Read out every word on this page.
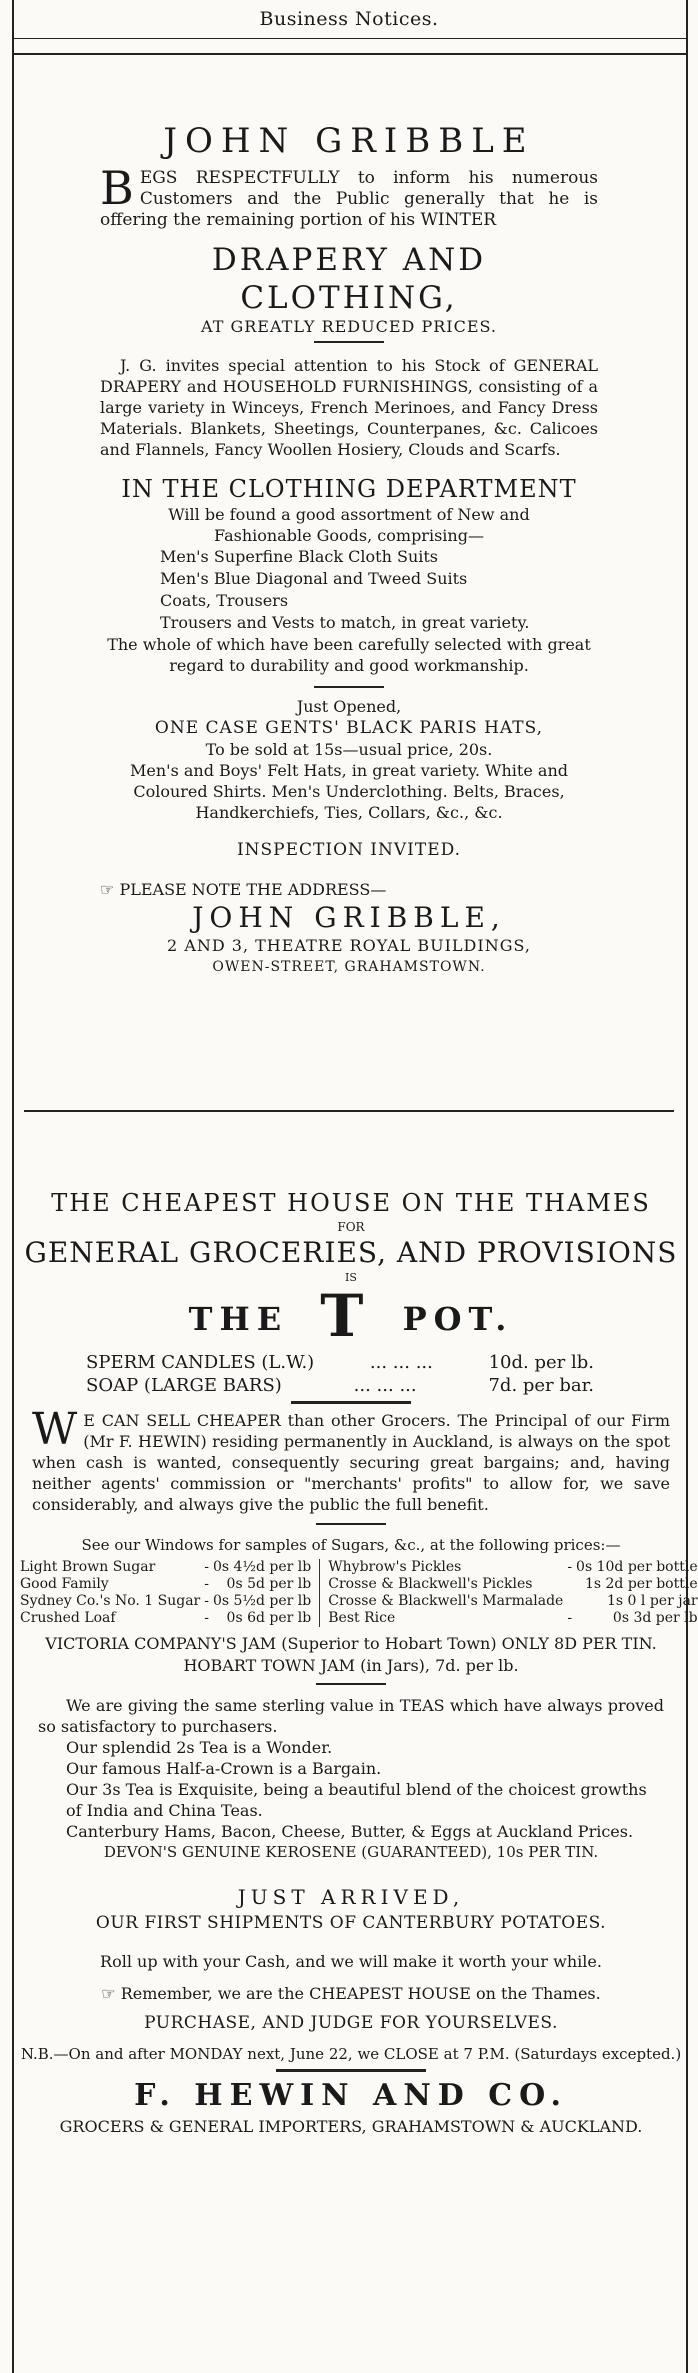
Business Notices.
JOHN GRIBBLE
B EGS RESPECTFULLY to inform his numerous Customers and the Public generally that he is offering the remaining portion of his WINTER
DRAPERY AND CLOTHING,
AT GREATLY REDUCED PRICES.
J. G. invites special attention to his Stock of GENERAL DRAPERY and HOUSEHOLD FURNISHINGS, consisting of a large variety in Winceys, French Merinoes, and Fancy Dress Materials. Blankets, Sheetings, Counterpanes, &c. Calicoes and Flannels, Fancy Woollen Hosiery, Clouds and Scarfs.
IN THE CLOTHING DEPARTMENT
Will be found a good assortment of New and Fashionable Goods, comprising—
Men's Superfine Black Cloth Suits
Men's Blue Diagonal and Tweed Suits
Coats, Trousers
Trousers and Vests to match, in great variety.
The whole of which have been carefully selected with great regard to durability and good workmanship.
Just Opened,
ONE CASE GENTS' BLACK PARIS HATS,
To be sold at 15s—usual price, 20s.
Men's and Boys' Felt Hats, in great variety. White and Coloured Shirts. Men's Underclothing. Belts, Braces, Handkerchiefs, Ties, Collars, &c., &c.
INSPECTION INVITED.
☞ PLEASE NOTE THE ADDRESS—
JOHN GRIBBLE,
2 AND 3, THEATRE ROYAL BUILDINGS,
OWEN-STREET, GRAHAMSTOWN.
THE CHEAPEST HOUSE ON THE THAMES
FOR
GENERAL GROCERIES, AND PROVISIONS
IS
THE T POT.
SPERM CANDLES (L.W.)	... ... ...	10d. per lb.
SOAP (LARGE BARS)	... ... ...	7d. per bar.
W E CAN SELL CHEAPER than other Grocers. The Principal of our Firm (Mr F. HEWIN) residing permanently in Auckland, is always on the spot when cash is wanted, consequently securing great bargains; and, having neither agents' commission or "merchants' profits" to allow for, we save considerably, and always give the public the full benefit.
See our Windows for samples of Sugars, &c., at the following prices:—
Light Brown Sugar	-	0s 4½d per lb
Good Family	-	0s 5d per lb
Sydney Co.'s No. 1 Sugar	-	0s 5½d per lb
Crushed Loaf	-	0s 6d per lb
Whybrow's Pickles	-	0s 10d per bottle
Crosse & Blackwell's Pickles		1s 2d per bottle
Crosse & Blackwell's Marmalade		1s 0 l per jar
Best Rice	-	0s 3d per lb
VICTORIA COMPANY'S JAM (Superior to Hobart Town) ONLY 8D PER TIN.
HOBART TOWN JAM (in Jars), 7d. per lb.
We are giving the same sterling value in TEAS which have always proved so satisfactory to purchasers.
Our splendid 2s Tea is a Wonder.
Our famous Half-a-Crown is a Bargain.
Our 3s Tea is Exquisite, being a beautiful blend of the choicest growths of India and China Teas.
Canterbury Hams, Bacon, Cheese, Butter, & Eggs at Auckland Prices.
DEVON'S GENUINE KEROSENE (GUARANTEED), 10s PER TIN.
JUST ARRIVED,
OUR FIRST SHIPMENTS OF CANTERBURY POTATOES.
Roll up with your Cash, and we will make it worth your while.
☞ Remember, we are the CHEAPEST HOUSE on the Thames.
PURCHASE, AND JUDGE FOR YOURSELVES.
N.B.—On and after MONDAY next, June 22, we CLOSE at 7 P.M. (Saturdays excepted.)
F. HEWIN AND CO.
GROCERS & GENERAL IMPORTERS, GRAHAMSTOWN & AUCKLAND.
